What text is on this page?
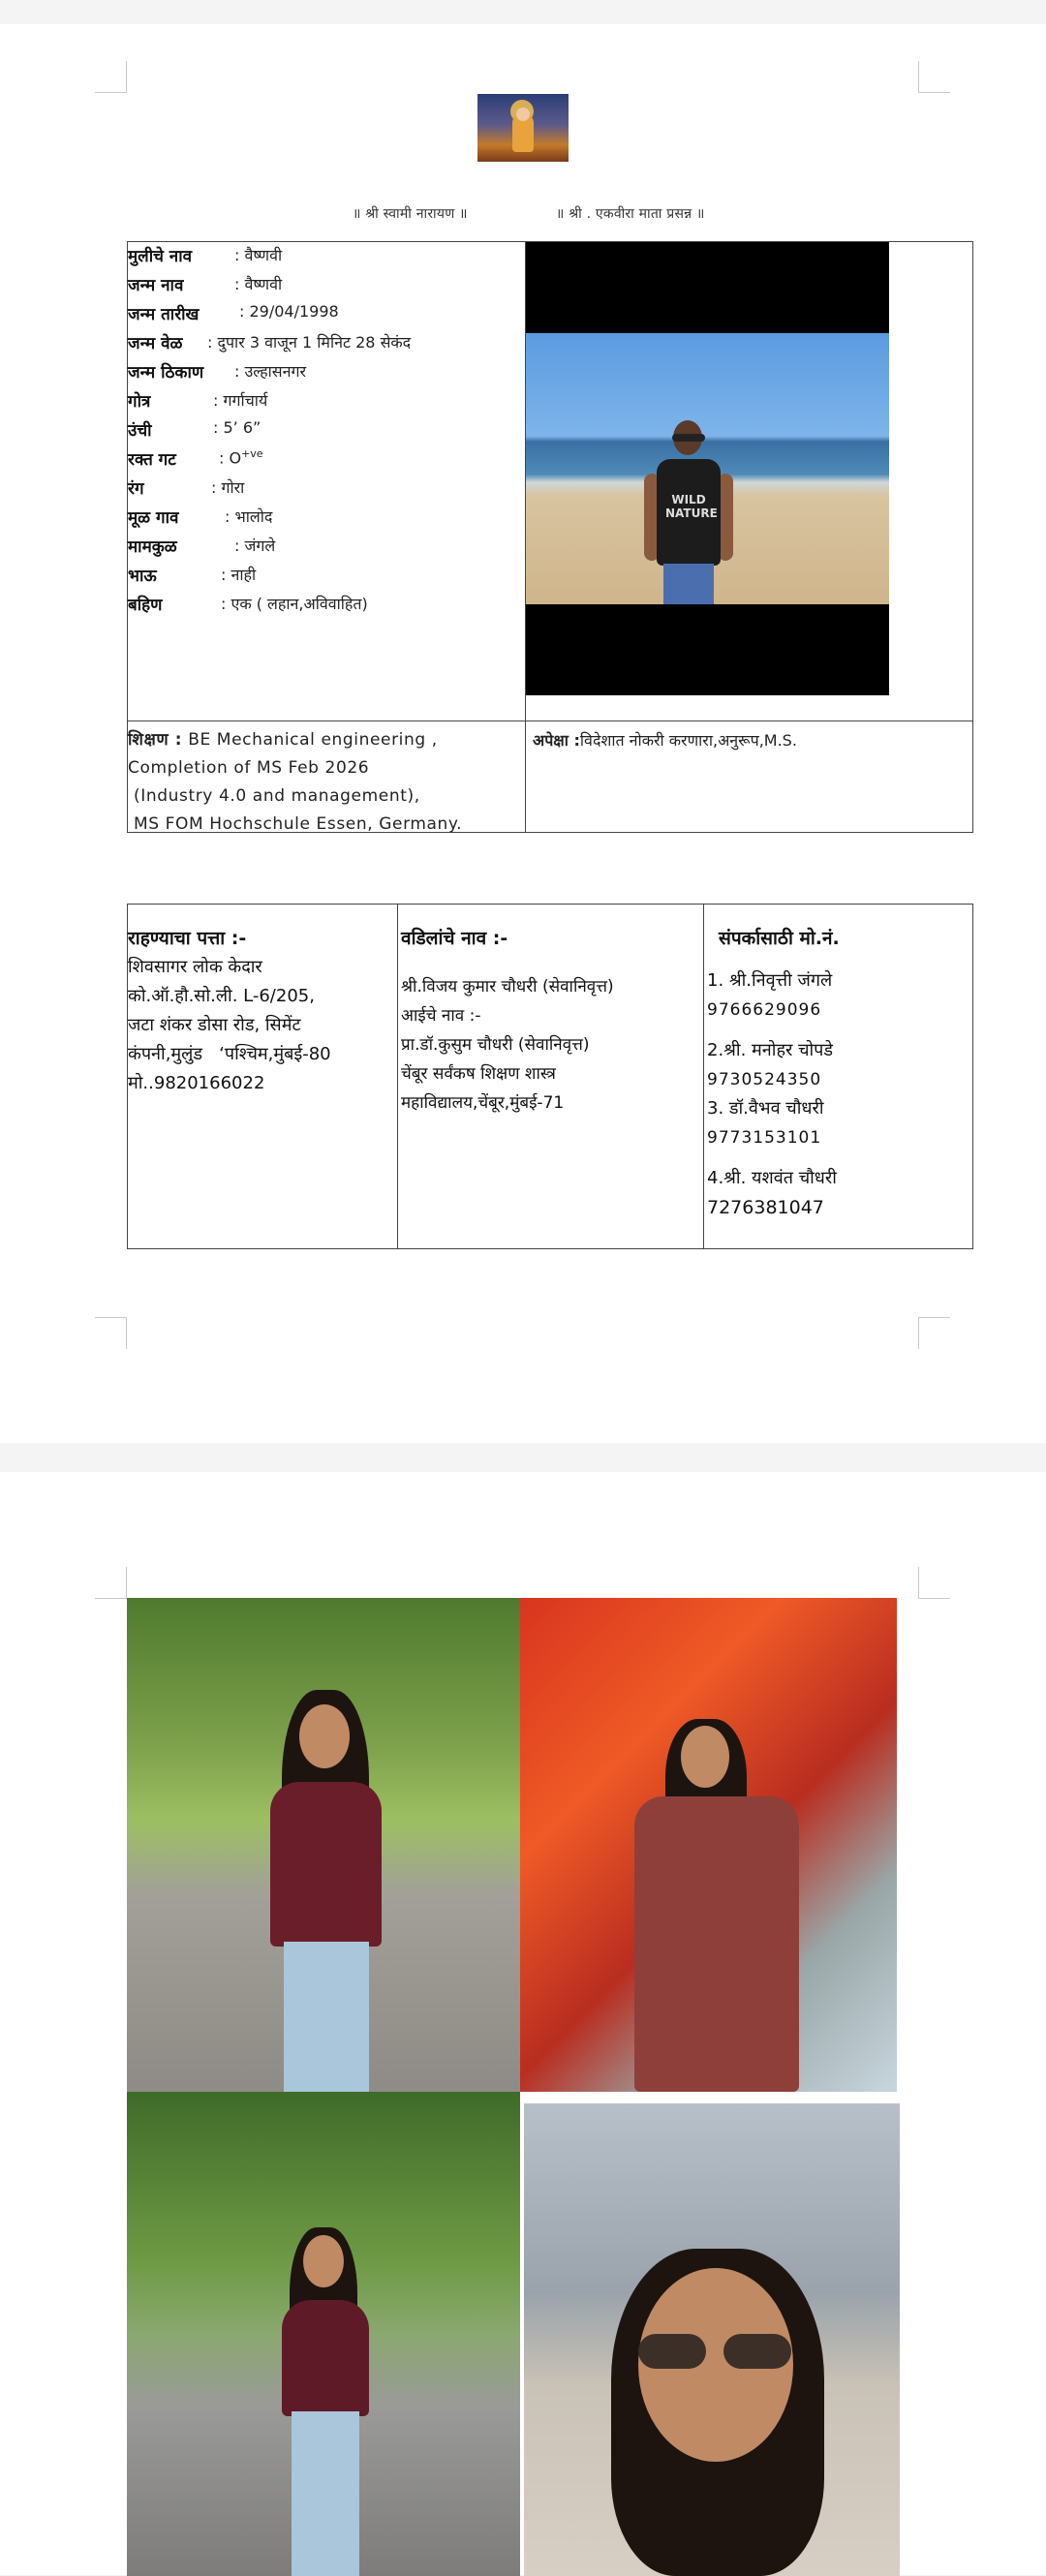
॥ श्री स्वामी नारायण ॥	॥ श्री . एकवीरा माता प्रसन्न ॥
मुलीचे नाव	: वैष्णवी
जन्म नाव	: वैष्णवी
जन्म तारीख	: 29/04/1998
जन्म वेळ : दुपार 3 वाजून 1 मिनिट 28 सेकंद
जन्म ठिकाण : उल्हासनगर
गोत्र	: गर्गाचार्य
उंची	: 5’ 6”
रक्त गट	: $O^{+ve}$
रंग	: गोरा
मूळ गाव	: भालोद
मामकुळ	: जंगले
भाऊ	: नाही
बहिण	: एक ( लहान,अविवाहित)
WILD NATURE
शिक्षण : BE Mechanical engineering ,
Completion of MS Feb 2026
(Industry 4.0 and management),
MS FOM Hochschule Essen, Germany.
अपेक्षा :विदेशात नोकरी करणारा,अनुरूप,M.S.
राहण्याचा पत्ता :-
शिवसागर लोक केदार
को.ऑ.हौ.सो.ली. L-6/205,
जटा शंकर डोसा रोड, सिमेंट
कंपनी,मुलुंड   ‘पश्चिम,मुंबई-80
मो..9820166022
वडिलांचे नाव :-
श्री.विजय कुमार चौधरी (सेवानिवृत्त)
आईचे नाव :-
प्रा.डॉ.कुसुम चौधरी (सेवानिवृत्त)
चेंबूर सर्वंकष शिक्षण शास्त्र
महाविद्यालय,चेंबूर,मुंबई-71
संपर्कासाठी मो.नं.
1. श्री.निवृत्ती जंगले
9766629096
2.श्री. मनोहर चोपडे
9730524350
3. डॉ.वैभव चौधरी
9773153101
4.श्री. यशवंत चौधरी
7276381047
